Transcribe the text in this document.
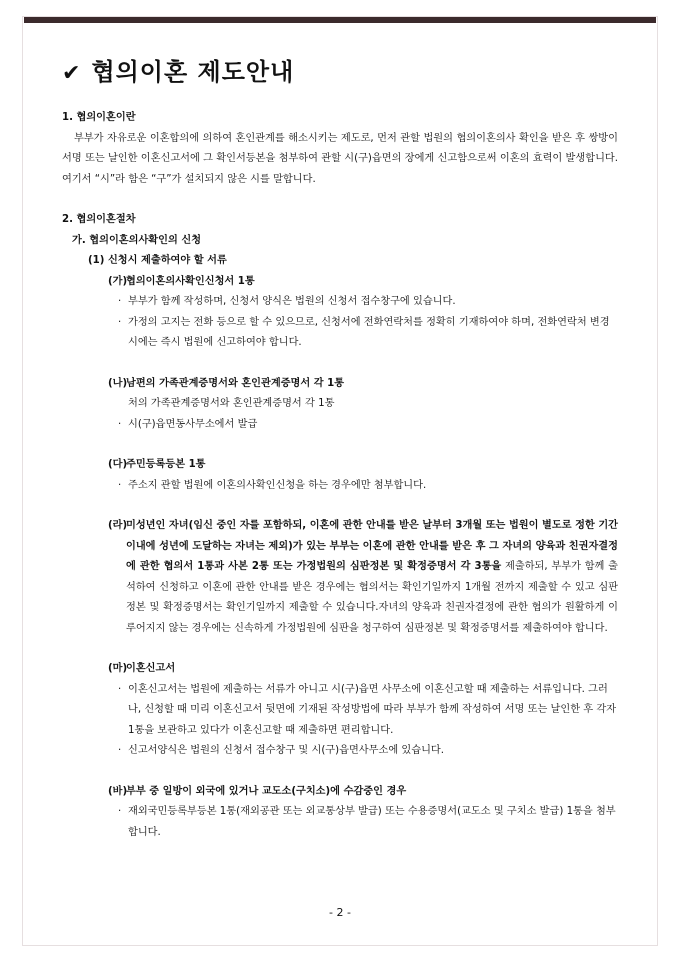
✔ 협의이혼 제도안내
1. 협의이혼이란

부부가 자유로운 이혼합의에 의하여 혼인관계를 해소시키는 제도로, 먼저 관할 법원의 협의이혼의사 확인을 받은 후 쌍방이 서명 또는 날인한 이혼신고서에 그 확인서등본을 첨부하여 관할 시(구)읍면의 장에게 신고함으로써 이혼의 효력이 발생합니다. 여기서 “시”라 함은 “구”가 설치되지 않은 시를 말합니다.

2. 협의이혼절차
가. 협의이혼의사확인의 신청
(1) 신청시 제출하여야 할 서류
(가)
협의이혼의사확인신청서 1통
· 부부가 함께 작성하며, 신청서 양식은 법원의 신청서 접수창구에 있습니다.
· 가정의 고지는 전화 등으로 할 수 있으므로, 신청서에 전화연락처를 정확히 기재하여야 하며, 전화연락처 변경시에는 즉시 법원에 신고하여야 합니다.
(나)
남편의 가족관계증명서와 혼인관계증명서 각 1통
처의 가족관계증명서와 혼인관계증명서 각 1통
· 시(구)읍면동사무소에서 발급
(다)
주민등록등본 1통
· 주소지 관할 법원에 이혼의사확인신청을 하는 경우에만 첨부합니다.
(라)
미성년인 자녀(임신 중인 자를 포함하되, 이혼에 관한 안내를 받은 날부터 3개월 또는 법원이 별도로 정한 기간 이내에 성년에 도달하는 자녀는 제외)가 있는 부부는 이혼에 관한 안내를 받은 후 그 자녀의 양육과 친권자결정에 관한 협의서 1통과 사본 2통 또는 가정법원의 심판정본 및 확정증명서 각 3통을 제출하되, 부부가 함께 출석하여 신청하고 이혼에 관한 안내를 받은 경우에는 협의서는 확인기일까지 1개월 전까지 제출할 수 있고 심판정본 및 확정증명서는 확인기일까지 제출할 수 있습니다.자녀의 양육과 친권자결정에 관한 협의가 원활하게 이루어지지 않는 경우에는 신속하게 가정법원에 심판을 청구하여 심판정본 및 확정증명서를 제출하여야 합니다.
(마)
이혼신고서
· 이혼신고서는 법원에 제출하는 서류가 아니고 시(구)읍면 사무소에 이혼신고할 때 제출하는 서류입니다. 그러나, 신청할 때 미리 이혼신고서 뒷면에 기재된 작성방법에 따라 부부가 함께 작성하여 서명 또는 날인한 후 각자 1통을 보관하고 있다가 이혼신고할 때 제출하면 편리합니다.
· 신고서양식은 법원의 신청서 접수창구 및 시(구)읍면사무소에 있습니다.
(바)
부부 중 일방이 외국에 있거나 교도소(구치소)에 수감중인 경우
· 재외국민등록부등본 1통(재외공관 또는 외교통상부 발급) 또는 수용증명서(교도소 및 구치소 발급) 1통을 첨부합니다.
- 2 -
